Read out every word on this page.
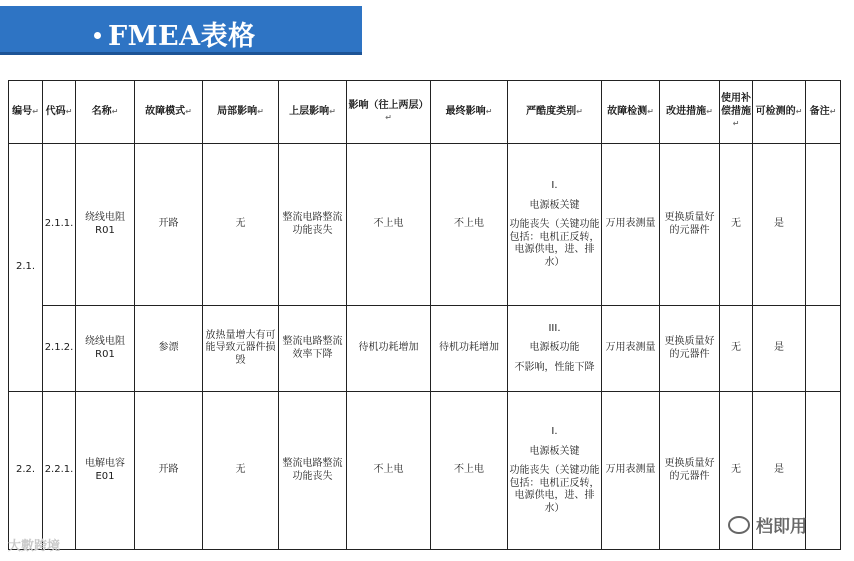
FMEA表格
编号↵	代码↵	名称↵	故障模式↵	局部影响↵	上层影响↵	影响（往上两层）↵	最终影响↵	严酷度类别↵	故障检测↵	改进措施↵	使用补偿措施↵	可检测的↵	备注↵
2.1.	2.1.1.	绕线电阻R01	开路	无	整流电路整流功能丧失	不上电	不上电	I.
电源板关键
功能丧失（关键功能包括：电机正反转，电源供电，进、排水）	万用表测量	更换质量好的元器件	无	是	
	2.1.2.	绕线电阻R01	参漂	放热量增大有可能导致元器件损毁	整流电路整流效率下降	待机功耗增加	待机功耗增加	III.
电源板功能
不影响，性能下降	万用表测量	更换质量好的元器件	无	是	
2.2.	2.2.1.	电解电容E01	开路	无	整流电路整流功能丧失	不上电	不上电	I.
电源板关键
功能丧失（关键功能包括：电机正反转，电源供电，进、排水）	万用表测量	更换质量好的元器件	无	是	
大數跨境
档即用
